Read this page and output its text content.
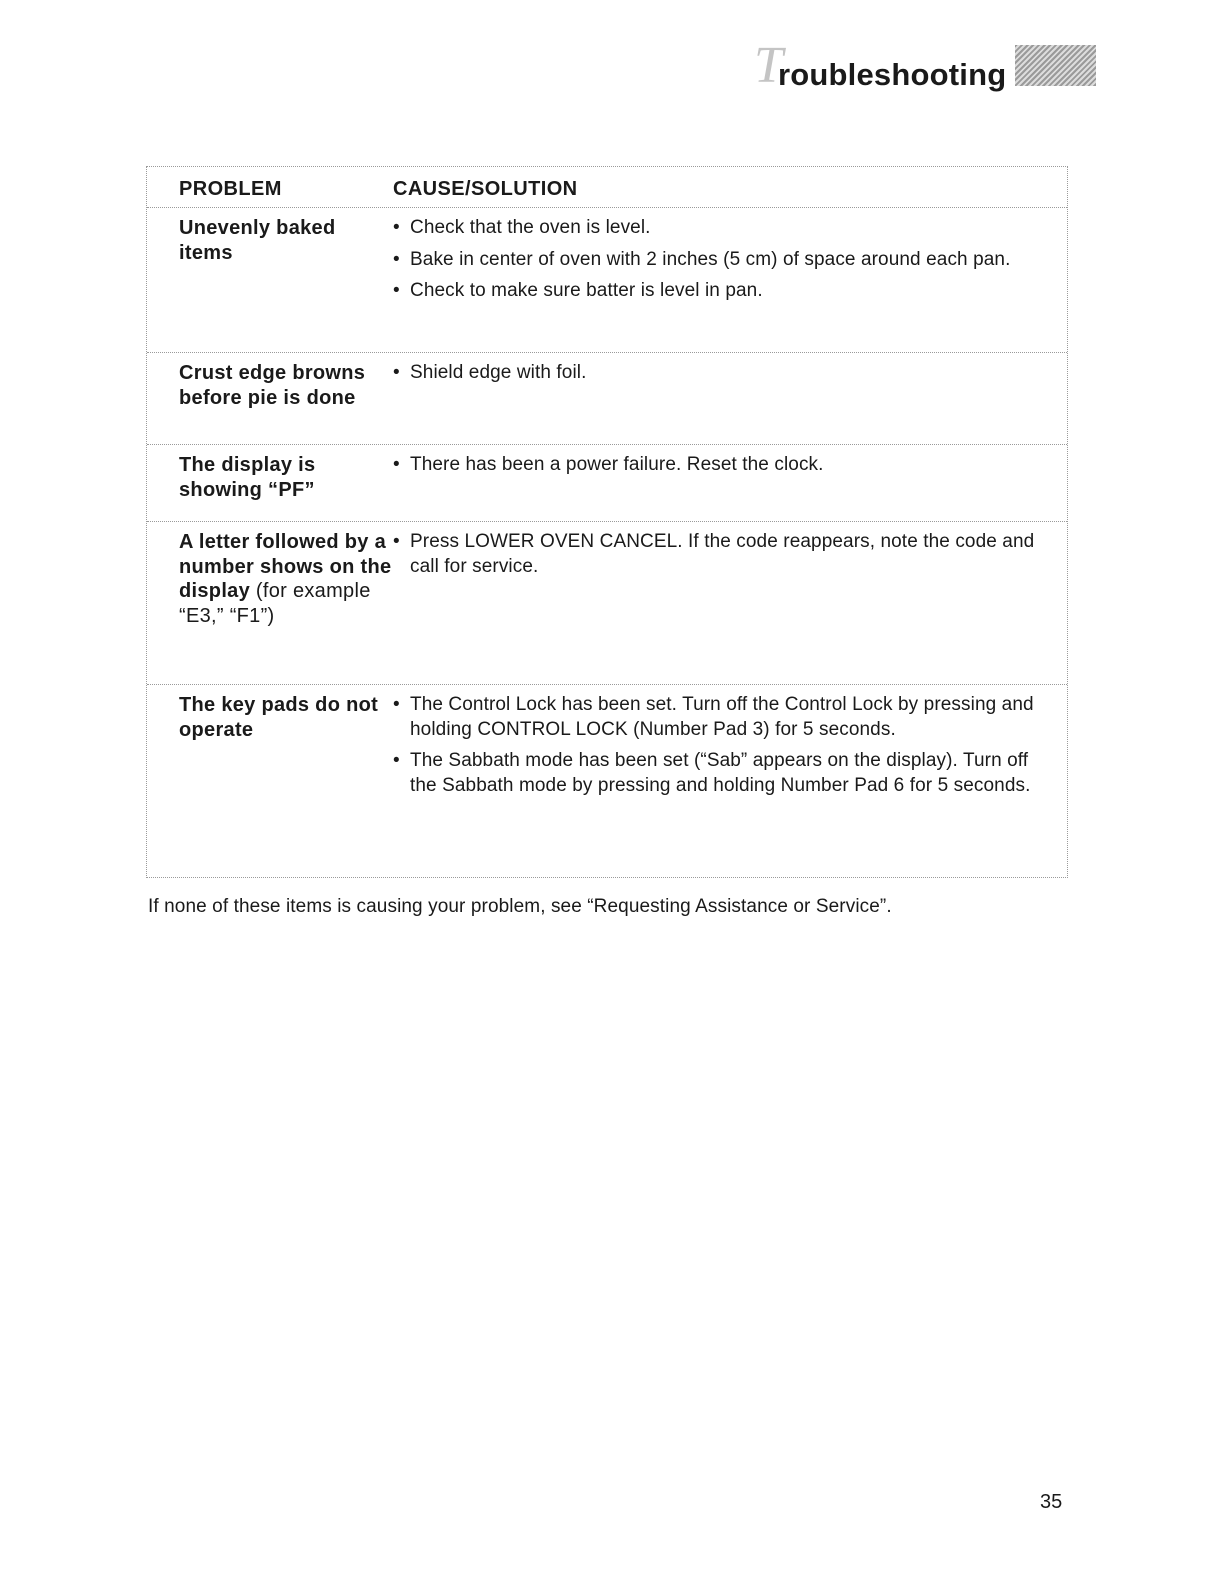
T
roubleshooting
PROBLEM	CAUSE/SOLUTION
Unevenly baked items
• Check that the oven is level.
• Bake in center of oven with 2 inches (5 cm) of space around each pan.
• Check to make sure batter is level in pan.
Crust edge browns before pie is done
• Shield edge with foil.
The display is showing “PF”
• There has been a power failure. Reset the clock.
A letter followed by a number shows on the display (for example “E3,” “F1”)
• Press LOWER OVEN CANCEL. If the code reappears, note the code and call for service.
The key pads do not operate
• The Control Lock has been set. Turn off the Control Lock by pressing and holding CONTROL LOCK (Number Pad 3) for 5 seconds.
• The Sabbath mode has been set (“Sab” appears on the display). Turn off the Sabbath mode by pressing and holding Number Pad 6 for 5 seconds.
If none of these items is causing your problem, see “Requesting Assistance or Service”.
35
